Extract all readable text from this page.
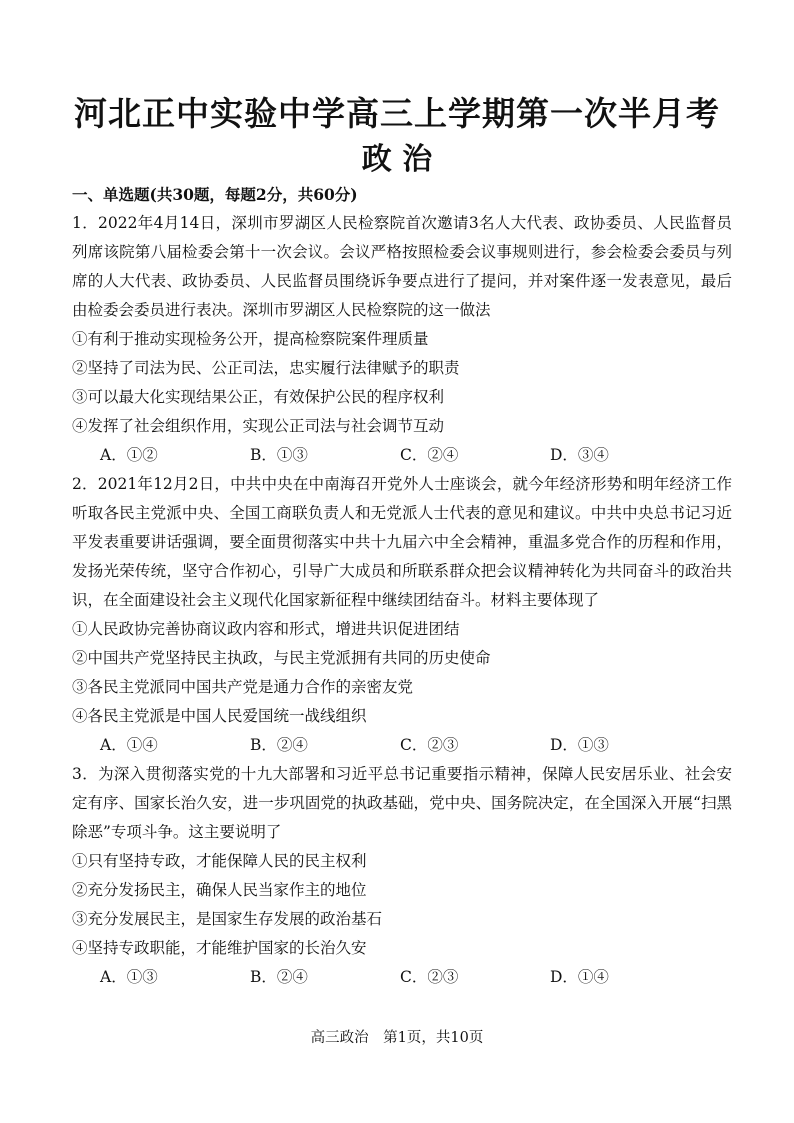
河北正中实验中学高三上学期第一次半月考
政 治
一、单选题(共30题，每题2分，共60分)

1．2022年4月14日，深圳市罗湖区人民检察院首次邀请3名人大代表、政协委员、人民监督员列席该院第八届检委会第十一次会议。会议严格按照检委会议事规则进行，参会检委会委员与列席的人大代表、政协委员、人民监督员围绕诉争要点进行了提问，并对案件逐一发表意见，最后由检委会委员进行表决。深圳市罗湖区人民检察院的这一做法

①有利于推动实现检务公开，提高检察院案件理质量

②坚持了司法为民、公正司法，忠实履行法律赋予的职责

③可以最大化实现结果公正，有效保护公民的程序权利

④发挥了社会组织作用，实现公正司法与社会调节互动

A．①②	B．①③	C．②④	D．③④

2．2021年12月2日，中共中央在中南海召开党外人士座谈会，就今年经济形势和明年经济工作听取各民主党派中央、全国工商联负责人和无党派人士代表的意见和建议。中共中央总书记习近平发表重要讲话强调，要全面贯彻落实中共十九届六中全会精神，重温多党合作的历程和作用，发扬光荣传统，坚守合作初心，引导广大成员和所联系群众把会议精神转化为共同奋斗的政治共识，在全面建设社会主义现代化国家新征程中继续团结奋斗。材料主要体现了

①人民政协完善协商议政内容和形式，增进共识促进团结

②中国共产党坚持民主执政，与民主党派拥有共同的历史使命

③各民主党派同中国共产党是通力合作的亲密友党

④各民主党派是中国人民爱国统一战线组织

A．①④	B．②④	C．②③	D．①③

3．为深入贯彻落实党的十九大部署和习近平总书记重要指示精神，保障人民安居乐业、社会安定有序、国家长治久安，进一步巩固党的执政基础，党中央、国务院决定，在全国深入开展“扫黑除恶”专项斗争。这主要说明了

①只有坚持专政，才能保障人民的民主权利

②充分发扬民主，确保人民当家作主的地位

③充分发展民主，是国家生存发展的政治基石

④坚持专政职能，才能维护国家的长治久安

A．①③	B．②④	C．②③	D．①④
高三政治　第1页，共10页
